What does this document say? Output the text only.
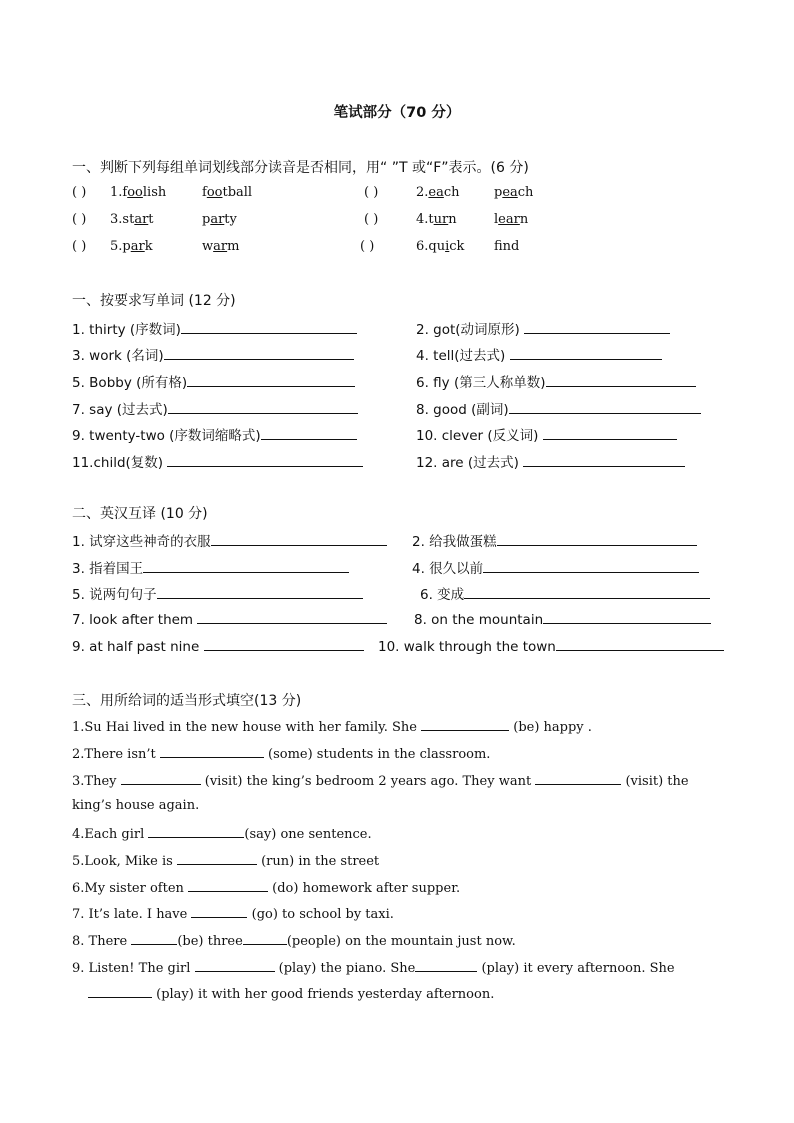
笔试部分（70 分）
一、判断下列每组单词划线部分读音是否相同，用“ ”T 或“F”表示。(6 分)
( ) 1.foolish	football	( )	2.each	peach
( ) 3.start	party	( )	4.turn	learn
( ) 5.park	warm	( )	6.quick fnd
一、按要求写单词 (12 分)
1. thirty (序数词)	2. got(动词原形)
3. work (名词)	4. tell(过去式)
5. Bobby (所有格)	6. fly (第三人称单数)
7. say (过去式)	8. good (副词)
9. twenty-two (序数词缩略式)	10. clever (反义词)
11.child(复数)	12. are (过去式)
二、英汉互译 (10 分)
1. 试穿这些神奇的衣服	2. 给我做蛋糕
3. 指着国王	4. 很久以前
5. 说两句句子	6. 变成
7. look after them	8. on the mountain
9. at half past nine	10. walk through the town
三、用所给词的适当形式填空(13 分)
1.Su Hai lived in the new house with her family. She	(be) happy .
2.There isn’t	(some) students in the classroom.
3.They	(visit) the king’s bedroom 2 years ago. They want	(visit) the
king’s house again.
4.Each girl	(say) one sentence.
5.Look, Mike is	(run) in the street
6.My sister often	(do) homework after supper.
7. It’s late. I have	(go) to school by taxi.
8. There	(be) three	(people) on the mountain just now.
9. Listen! The girl	(play) the piano. She	(play) it every afternoon. She
(play) it with her good friends yesterday afternoon.
